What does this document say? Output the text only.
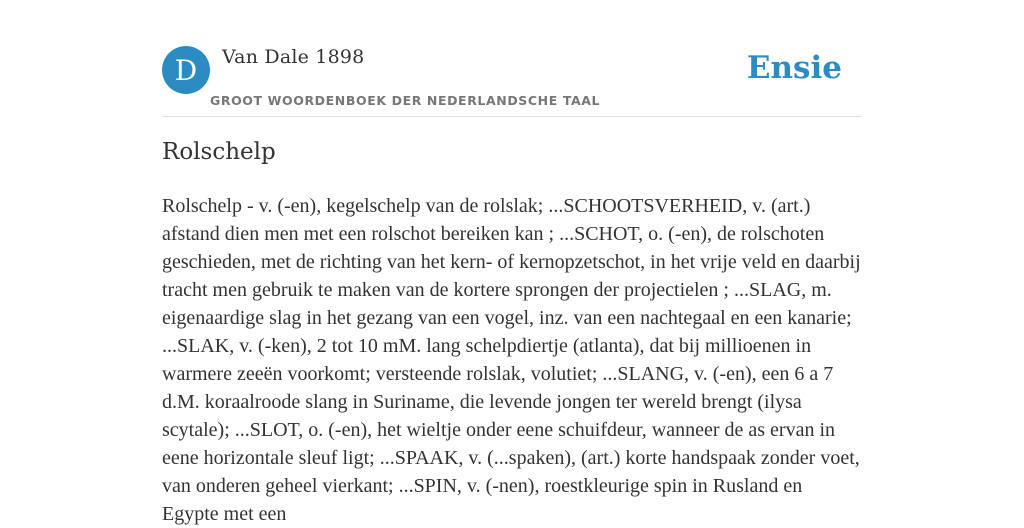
D	Van Dale 1898
GROOT WOORDENBOEK DER NEDERLANDSCHE TAAL
Ensie
Rolschelp

Rolschelp - v. (-en), kegelschelp van de rolslak; ...SCHOOTSVERHEID, v. (art.) afstand dien men met een rolschot bereiken kan ; ...SCHOT, o. (-en), de rolschoten geschieden, met de richting van het kern- of kernopzetschot, in het vrije veld en daarbij tracht men gebruik te maken van de kortere sprongen der projectielen ; ...SLAG, m. eigenaardige slag in het gezang van een vogel, inz. van een nachtegaal en een kanarie; ...SLAK, v. (-ken), 2 tot 10 mM. lang schelpdiertje (atlanta), dat bij millioenen in warmere zeeën voorkomt; versteende rolslak, volutiet; ...SLANG, v. (-en), een 6 a 7 d.M. koraalroode slang in Suriname, die levende jongen ter wereld brengt (ilysa scytale); ...SLOT, o. (-en), het wieltje onder eene schuifdeur, wanneer de as ervan in eene horizontale sleuf ligt; ...SPAAK, v. (...spaken), (art.) korte handspaak zonder voet, van onderen geheel vierkant; ...SPIN, v. (-nen), roestkleurige spin in Rusland en Egypte met een
